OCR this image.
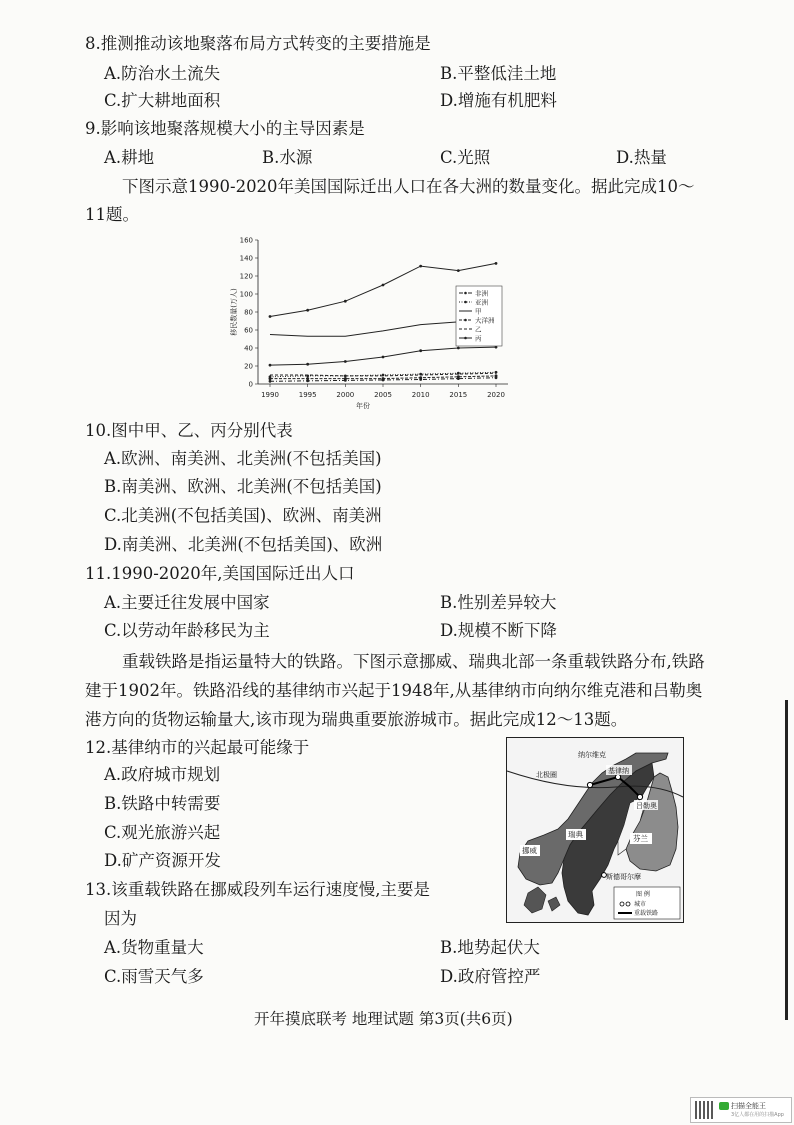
8.推测推动该地聚落布局方式转变的主要措施是
A.防治水土流失	B.平整低洼土地
C.扩大耕地面积	D.增施有机肥料
9.影响该地聚落规模大小的主导因素是
A.耕地	B.水源	C.光照	D.热量
下图示意1990-2020年美国国际迁出人口在各大洲的数量变化。据此完成10～
11题。
0
20
40
60
80
100
120
140
160
1990	1995	2000	2005	2010	2015	2020
年份
移民数量(万人)	非洲
亚洲
甲
大洋洲
乙
丙
10.图中甲、乙、丙分别代表
A.欧洲、南美洲、北美洲(不包括美国)
B.南美洲、欧洲、北美洲(不包括美国)
C.北美洲(不包括美国)、欧洲、南美洲
D.南美洲、北美洲(不包括美国)、欧洲
11.1990-2020年,美国国际迁出人口
A.主要迁往发展中国家	B.性别差异较大
C.以劳动年龄移民为主	D.规模不断下降
重载铁路是指运量特大的铁路。下图示意挪威、瑞典北部一条重载铁路分布,铁路
建于1902年。铁路沿线的基律纳市兴起于1948年,从基律纳市向纳尔维克港和吕勒奥
港方向的货物运输量大,该市现为瑞典重要旅游城市。据此完成12～13题。
12.基律纳市的兴起最可能缘于
A.政府城市规划
B.铁路中转需要
C.观光旅游兴起
D.矿产资源开发
13.该重载铁路在挪威段列车运行速度慢,主要是
因为
A.货物重量大	B.地势起伏大
C.雨雪天气多	D.政府管控严
纳尔维克
北极圈	基律纳
吕勒奥
瑞典
挪威
芬兰
斯德哥尔摩
图 例
城市
重载铁路
开年摸底联考 地理试题 第3页(共6页)
扫描全能王
3亿人都在用的扫描App
